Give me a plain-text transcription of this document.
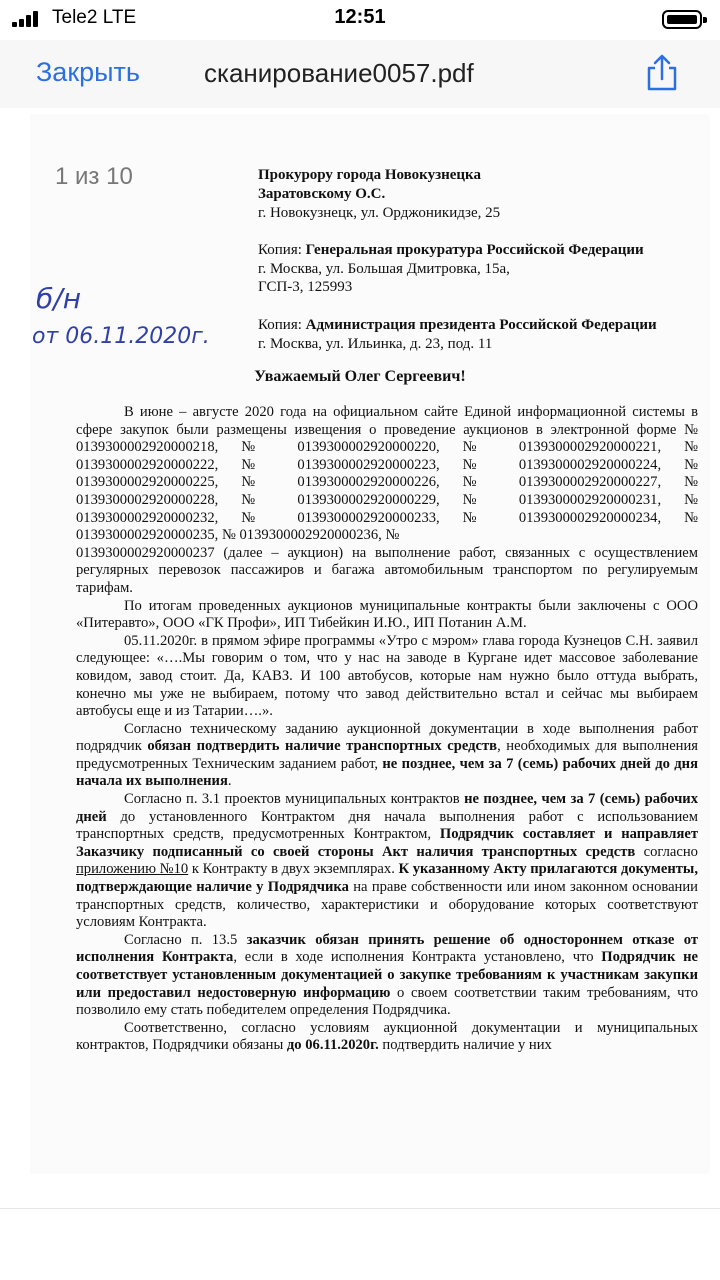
Tele2 LTE	12:51
Закрыть сканирование0057.pdf
1 из 10	Прокурору города Новокузнецка
Заратовскому О.С.
г. Новокузнецк, ул. Орджоникидзе, 25
Копия: Генеральная прокуратура Российской Федерации
г. Москва, ул. Большая Дмитровка, 15а,
ГСП-3, 125993
Копия: Администрация президента Российской Федерации
г. Москва, ул. Ильинка, д. 23, под. 11
б/н
от 06.11.2020г.
Уважаемый Олег Сергеевич!

В июне – августе 2020 года на официальном сайте Единой информационной системы в сфере закупок были размещены извещения о проведение аукционов в электронной форме № 0139300002920000218, № 0139300002920000220, № 0139300002920000221, № 0139300002920000222, № 0139300002920000223, № 0139300002920000224, № 0139300002920000225, № 0139300002920000226, № 0139300002920000227, № 0139300002920000228, № 0139300002920000229, № 0139300002920000231, № 0139300002920000232, № 0139300002920000233, № 0139300002920000234, № 0139300002920000235, № 0139300002920000236, №

0139300002920000237 (далее – аукцион) на выполнение работ, связанных с осуществлением регулярных перевозок пассажиров и багажа автомобильным транспортом по регулируемым тарифам.

По итогам проведенных аукционов муниципальные контракты были заключены с ООО «Питеравто», ООО «ГК Профи», ИП Тибейкин И.Ю., ИП Потанин А.М.

05.11.2020г. в прямом эфире программы «Утро с мэром» глава города Кузнецов С.Н. заявил следующее: «….Мы говорим о том, что у нас на заводе в Кургане идет массовое заболевание ковидом, завод стоит. Да, КАВЗ. И 100 автобусов, которые нам нужно было оттуда выбрать, конечно мы уже не выбираем, потому что завод действительно встал и сейчас мы выбираем автобусы еще и из Татарии….».

Согласно техническому заданию аукционной документации в ходе выполнения работ подрядчик обязан подтвердить наличие транспортных средств, необходимых для выполнения предусмотренных Техническим заданием работ, не позднее, чем за 7 (семь) рабочих дней до дня начала их выполнения.

Согласно п. 3.1 проектов муниципальных контрактов не позднее, чем за 7 (семь) рабочих дней до установленного Контрактом дня начала выполнения работ с использованием транспортных средств, предусмотренных Контрактом, Подрядчик составляет и направляет Заказчику подписанный со своей стороны Акт наличия транспортных средств согласно приложению №10 к Контракту в двух экземплярах. К указанному Акту прилагаются документы, подтверждающие наличие у Подрядчика на праве собственности или ином законном основании транспортных средств, количество, характеристики и оборудование которых соответствуют условиям Контракта.

Согласно п. 13.5 заказчик обязан принять решение об одностороннем отказе от исполнения Контракта, если в ходе исполнения Контракта установлено, что Подрядчик не соответствует установленным документацией о закупке требованиям к участникам закупки или предоставил недостоверную информацию о своем соответствии таким требованиям, что позволило ему стать победителем определения Подрядчика.

Соответственно, согласно условиям аукционной документации и муниципальных контрактов, Подрядчики обязаны до 06.11.2020г. подтвердить наличие у них
